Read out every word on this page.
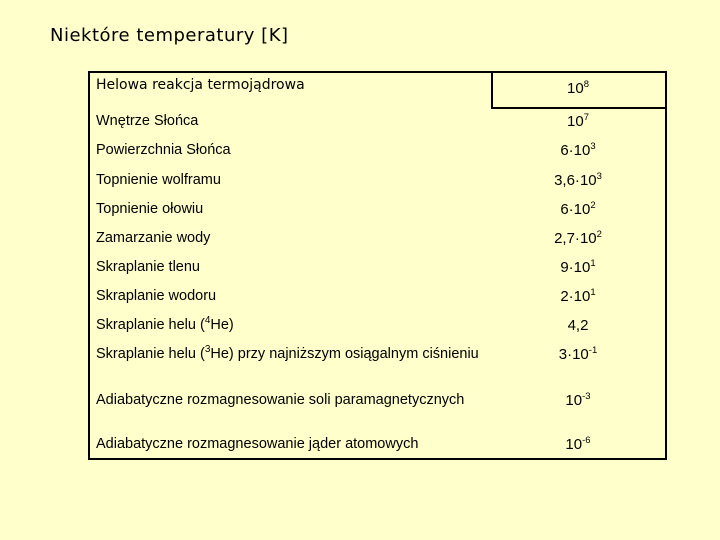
Niektóre temperatury [K]
Helowa reakcja termojądrowa	$10^8$
Wnętrze Słońca	$10^7$
Powierzchnia Słońca	$6\cdot 10^3$
Topnienie wolframu	$3,6\cdot 10^3$
Topnienie ołowiu	$6\cdot 10^2$
Zamarzanie wody	$2,7\cdot 10^2$
Skraplanie tlenu	$9\cdot 10^1$
Skraplanie wodoru	$2\cdot 10^1$
Skraplanie helu ($^4$He)	4,2
Skraplanie helu ($^3$He) przy najniższym osiągalnym ciśnieniu	$3\cdot 10^{-1}$
Adiabatyczne rozmagnesowanie soli paramagnetycznych	$10^{-3}$
Adiabatyczne rozmagnesowanie jąder atomowych	$10^{-6}$
